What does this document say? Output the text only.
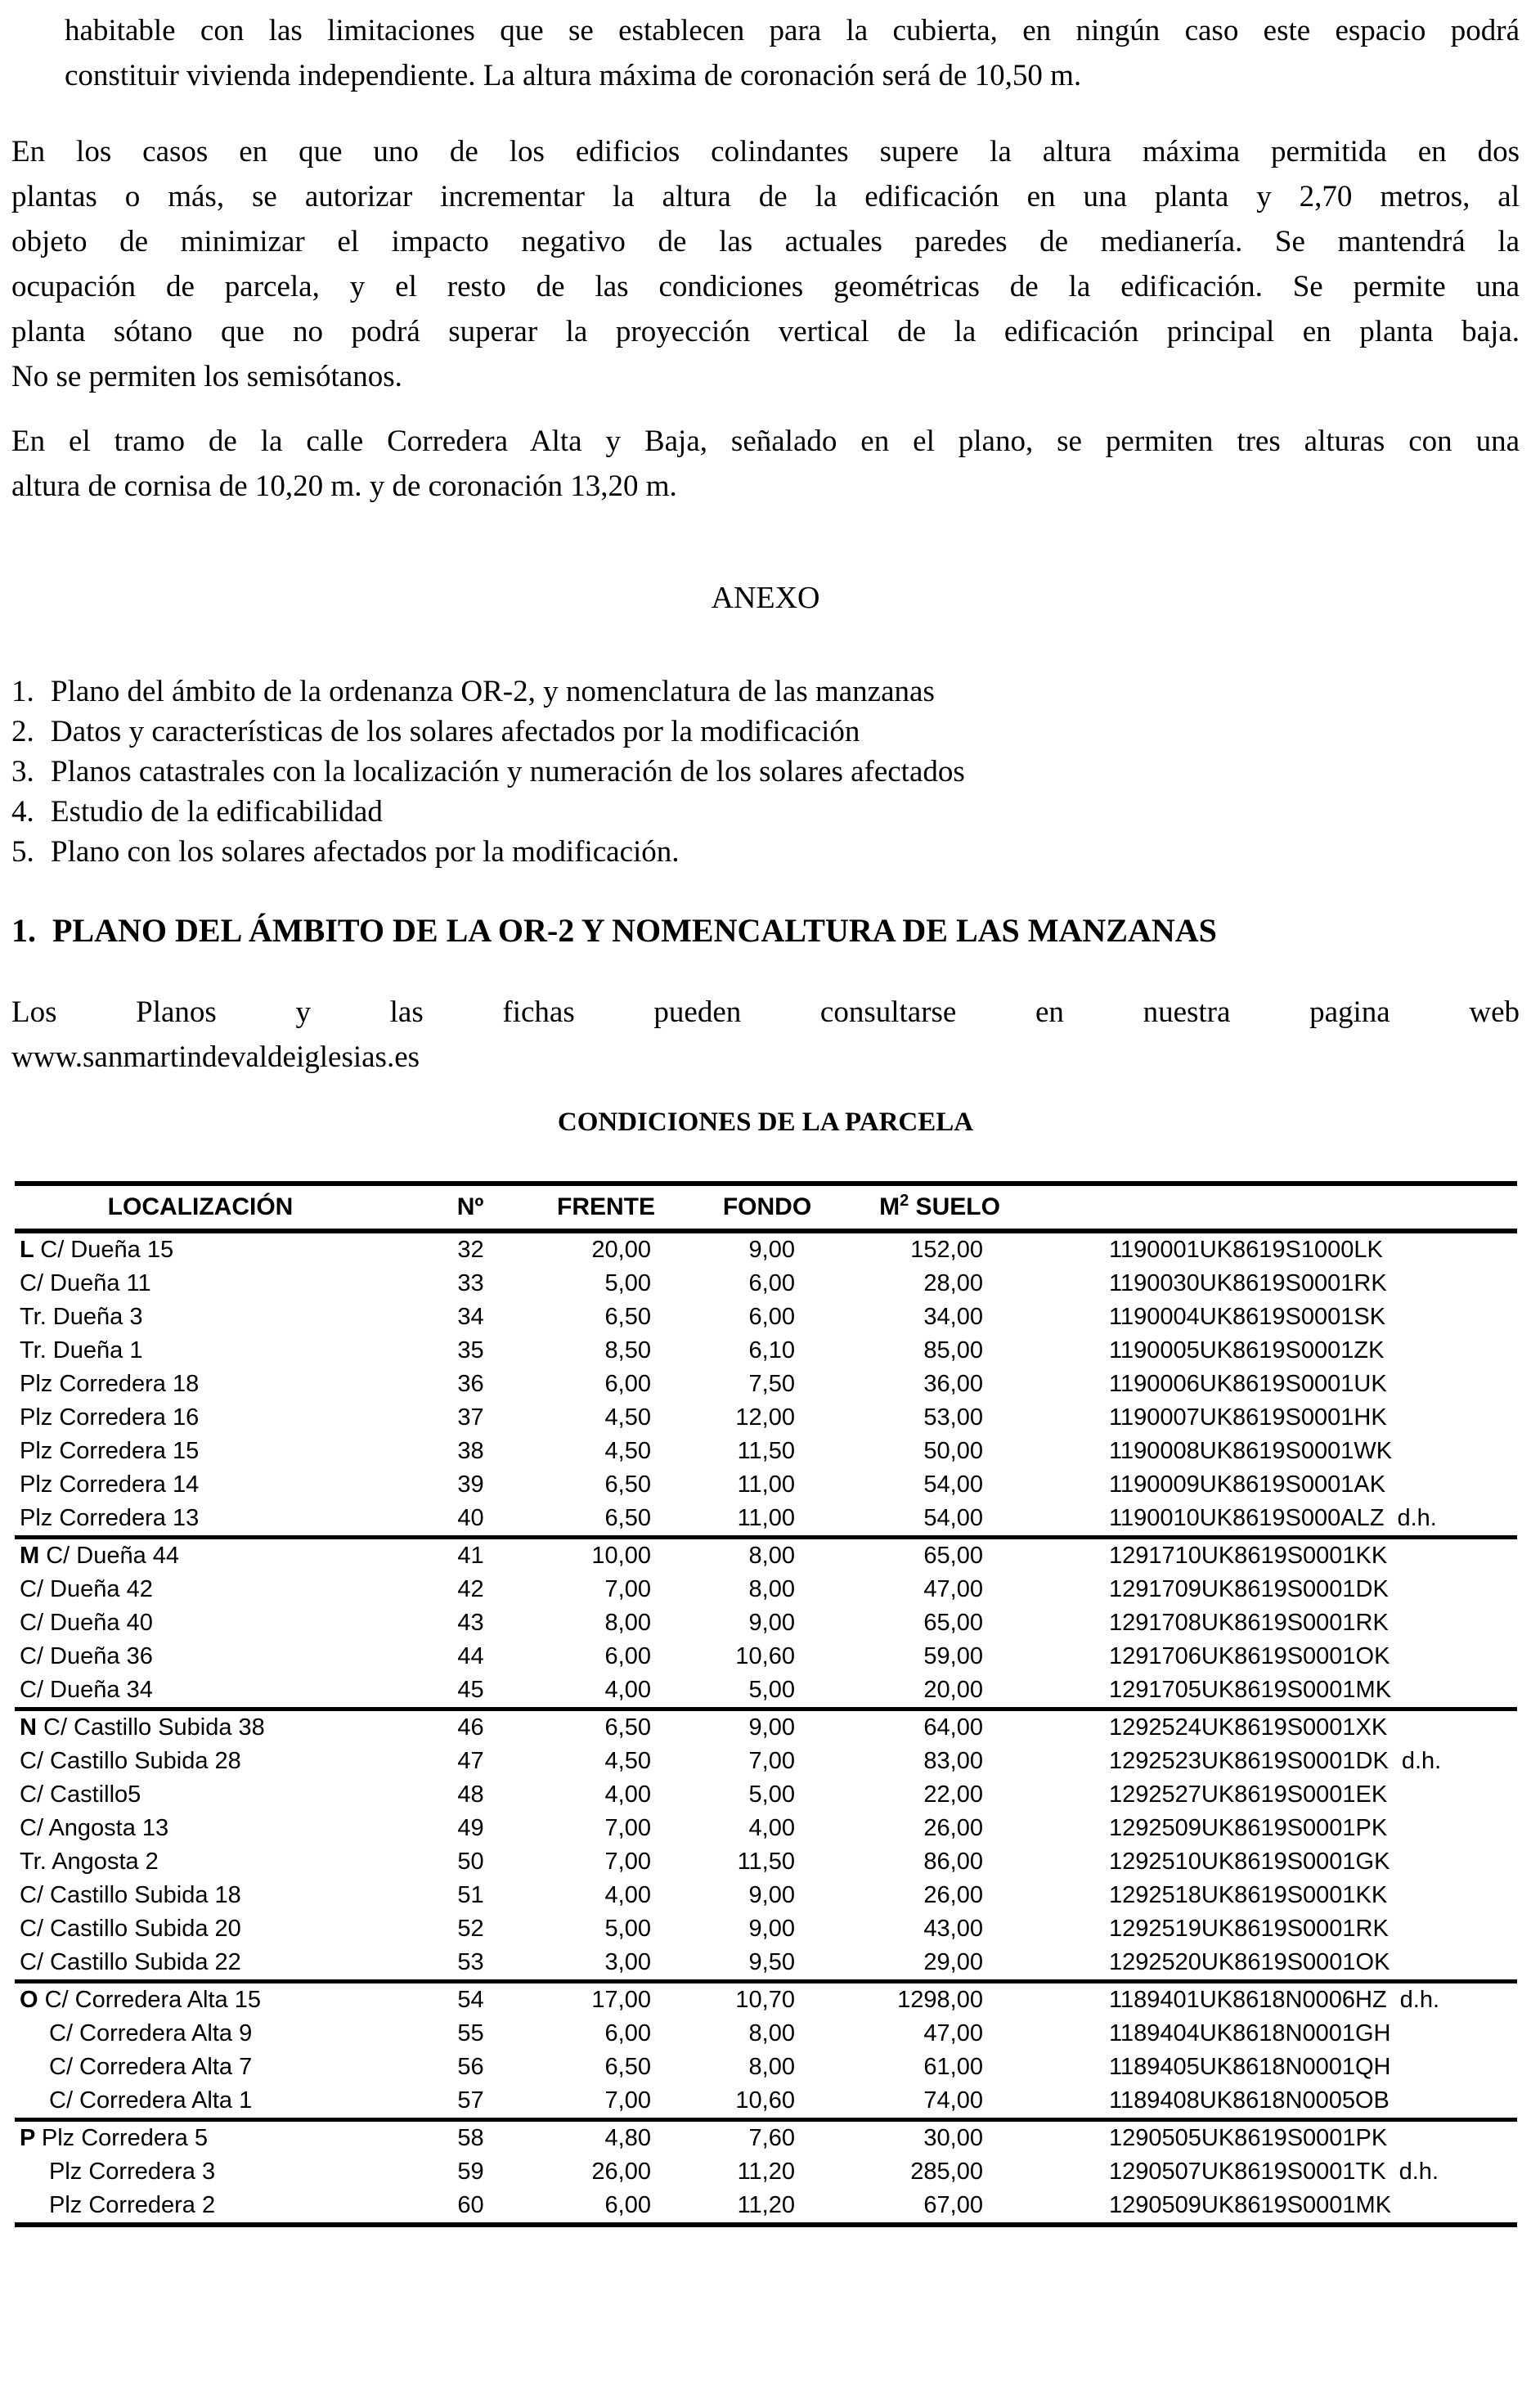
habitable con las limitaciones que se establecen para la cubierta, en ningún caso este espacio podrá
constituir vivienda independiente. La altura máxima de coronación será de 10,50 m.
En los casos en que uno de los edificios colindantes supere la altura máxima permitida en dos
plantas o más, se autorizar incrementar la altura de la edificación en una planta y 2,70 metros, al
objeto de minimizar el impacto negativo de las actuales paredes de medianería. Se mantendrá la
ocupación de parcela, y el resto de las condiciones geométricas de la edificación. Se permite una
planta sótano que no podrá superar la proyección vertical de la edificación principal en planta baja.
No se permiten los semisótanos.
En el tramo de la calle Corredera Alta y Baja, señalado en el plano, se permiten tres alturas con una
altura de cornisa de 10,20 m. y de coronación 13,20 m.
ANEXO
1. Plano del ámbito de la ordenanza OR-2, y nomenclatura de las manzanas
2. Datos y características de los solares afectados por la modificación
3. Planos catastrales con la localización y numeración de los solares afectados
4. Estudio de la edificabilidad
5. Plano con los solares afectados por la modificación.
1. PLANO DEL ÁMBITO DE LA OR-2 Y NOMENCALTURA DE LAS MANZANAS
Los Planos y las fichas pueden consultarse en nuestra pagina web
www.sanmartindevaldeiglesias.es
CONDICIONES DE LA PARCELA
LOCALIZACIÓN	Nº	FRENTE	FONDO	$M^2$ SUELO
L C/ Dueña 15	32	20,00	9,00	152,00	1190001UK8619S1000LK
C/ Dueña 11	33	5,00	6,00	28,00	1190030UK8619S0001RK
Tr. Dueña 3	34	6,50	6,00	34,00	1190004UK8619S0001SK
Tr. Dueña 1	35	8,50	6,10	85,00	1190005UK8619S0001ZK
Plz Corredera 18	36	6,00	7,50	36,00	1190006UK8619S0001UK
Plz Corredera 16	37	4,50	12,00	53,00	1190007UK8619S0001HK
Plz Corredera 15	38	4,50	11,50	50,00	1190008UK8619S0001WK
Plz Corredera 14	39	6,50	11,00	54,00	1190009UK8619S0001AK
Plz Corredera 13	40	6,50	11,00	54,00	1190010UK8619S000ALZ d.h.
M C/ Dueña 44	41	10,00	8,00	65,00	1291710UK8619S0001KK
C/ Dueña 42	42	7,00	8,00	47,00	1291709UK8619S0001DK
C/ Dueña 40	43	8,00	9,00	65,00	1291708UK8619S0001RK
C/ Dueña 36	44	6,00	10,60	59,00	1291706UK8619S0001OK
C/ Dueña 34	45	4,00	5,00	20,00	1291705UK8619S0001MK
N C/ Castillo Subida 38	46	6,50	9,00	64,00	1292524UK8619S0001XK
C/ Castillo Subida 28	47	4,50	7,00	83,00	1292523UK8619S0001DK d.h.
C/ Castillo5	48	4,00	5,00	22,00	1292527UK8619S0001EK
C/ Angosta 13	49	7,00	4,00	26,00	1292509UK8619S0001PK
Tr. Angosta 2	50	7,00	11,50	86,00	1292510UK8619S0001GK
C/ Castillo Subida 18	51	4,00	9,00	26,00	1292518UK8619S0001KK
C/ Castillo Subida 20	52	5,00	9,00	43,00	1292519UK8619S0001RK
C/ Castillo Subida 22	53	3,00	9,50	29,00	1292520UK8619S0001OK
O C/ Corredera Alta 15	54	17,00	10,70	1298,00	1189401UK8618N0006HZ d.h.
C/ Corredera Alta 9	55	6,00	8,00	47,00	1189404UK8618N0001GH
C/ Corredera Alta 7	56	6,50	8,00	61,00	1189405UK8618N0001QH
C/ Corredera Alta 1	57	7,00	10,60	74,00	1189408UK8618N0005OB
P Plz Corredera 5	58	4,80	7,60	30,00	1290505UK8619S0001PK
Plz Corredera 3	59	26,00	11,20	285,00	1290507UK8619S0001TK d.h.
Plz Corredera 2	60	6,00	11,20	67,00	1290509UK8619S0001MK
